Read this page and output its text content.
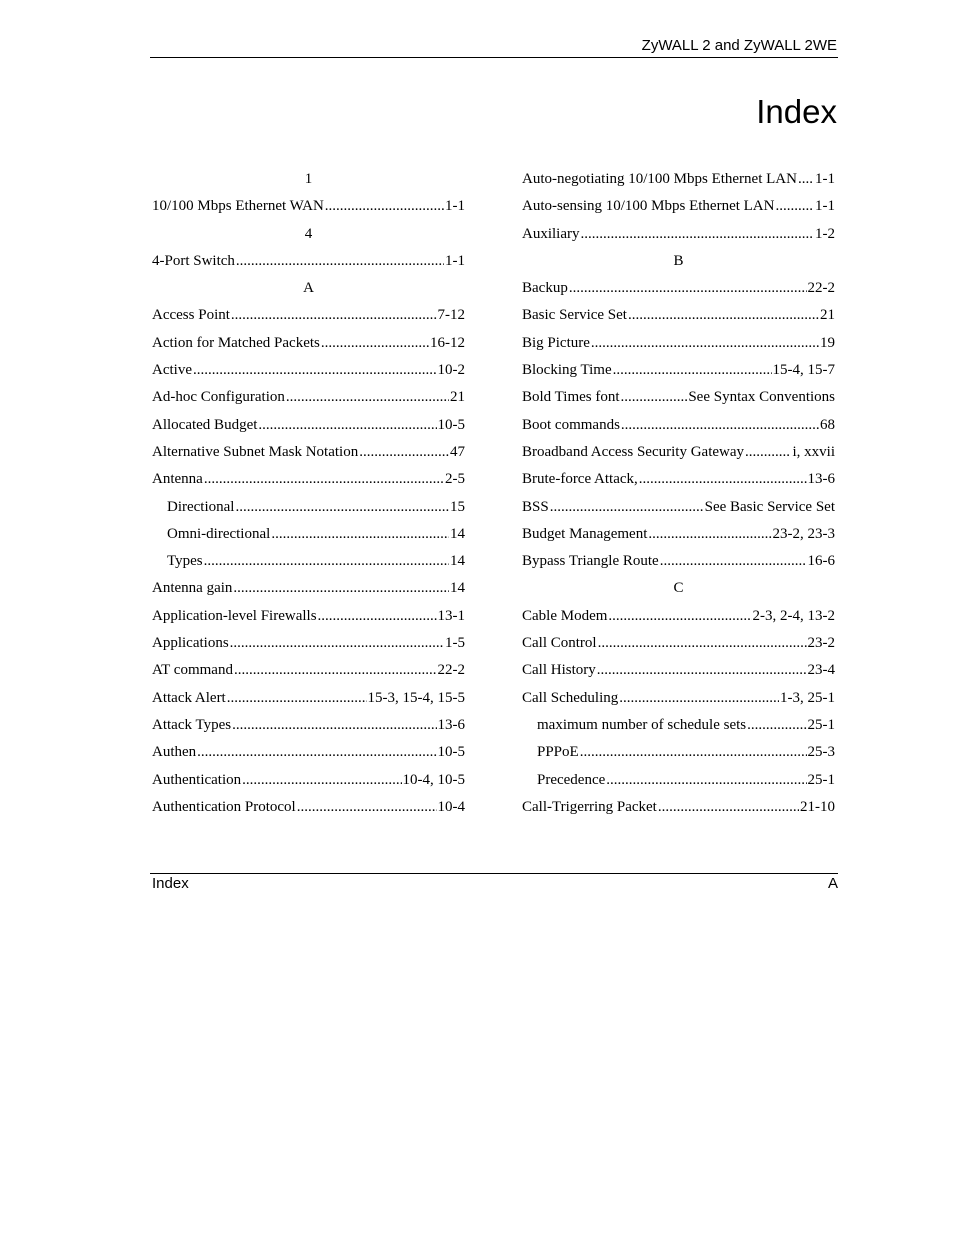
ZyWALL 2 and ZyWALL 2WE
Index
1
10/100 Mbps Ethernet WAN .....	1-1
4
4-Port Switch .....	1-1
A
Access Point .....	7-12
Action for Matched Packets .....	16-12
Active .....	10-2
Ad-hoc Configuration .....	21
Allocated Budget .....	10-5
Alternative Subnet Mask Notation .....	47
Antenna .....	2-5
Directional .....	15
Omni-directional .....	14
Types .....	14
Antenna gain .....	14
Application-level Firewalls .....	13-1
Applications .....	1-5
AT command .....	22-2
Attack Alert .....	15-3, 15-4, 15-5
Attack Types .....	13-6
Authen .....	10-5
Authentication .....	10-4, 10-5
Authentication Protocol .....	10-4
Auto-negotiating 10/100 Mbps Ethernet LAN ..... 1-1
Auto-sensing 10/100 Mbps Ethernet LAN .....	1-1
Auxiliary .....	1-2
B
Backup .....	22-2
Basic Service Set .....	21
Big Picture .....	19
Blocking Time .....	15-4, 15-7
Bold Times font .....	See Syntax Conventions
Boot commands .....	68
Broadband Access Security Gateway .....	i, xxvii
Brute-force Attack, .....	13-6
BSS .....	See Basic Service Set
Budget Management .....	23-2, 23-3
Bypass Triangle Route .....	16-6
C
Cable Modem .....	2-3, 2-4, 13-2
Call Control .....	23-2
Call History .....	23-4
Call Scheduling .....	1-3, 25-1
maximum number of schedule sets .....	25-1
PPPoE .....	25-3
Precedence .....	25-1
Call-Trigerring Packet .....	21-10
Index	A
